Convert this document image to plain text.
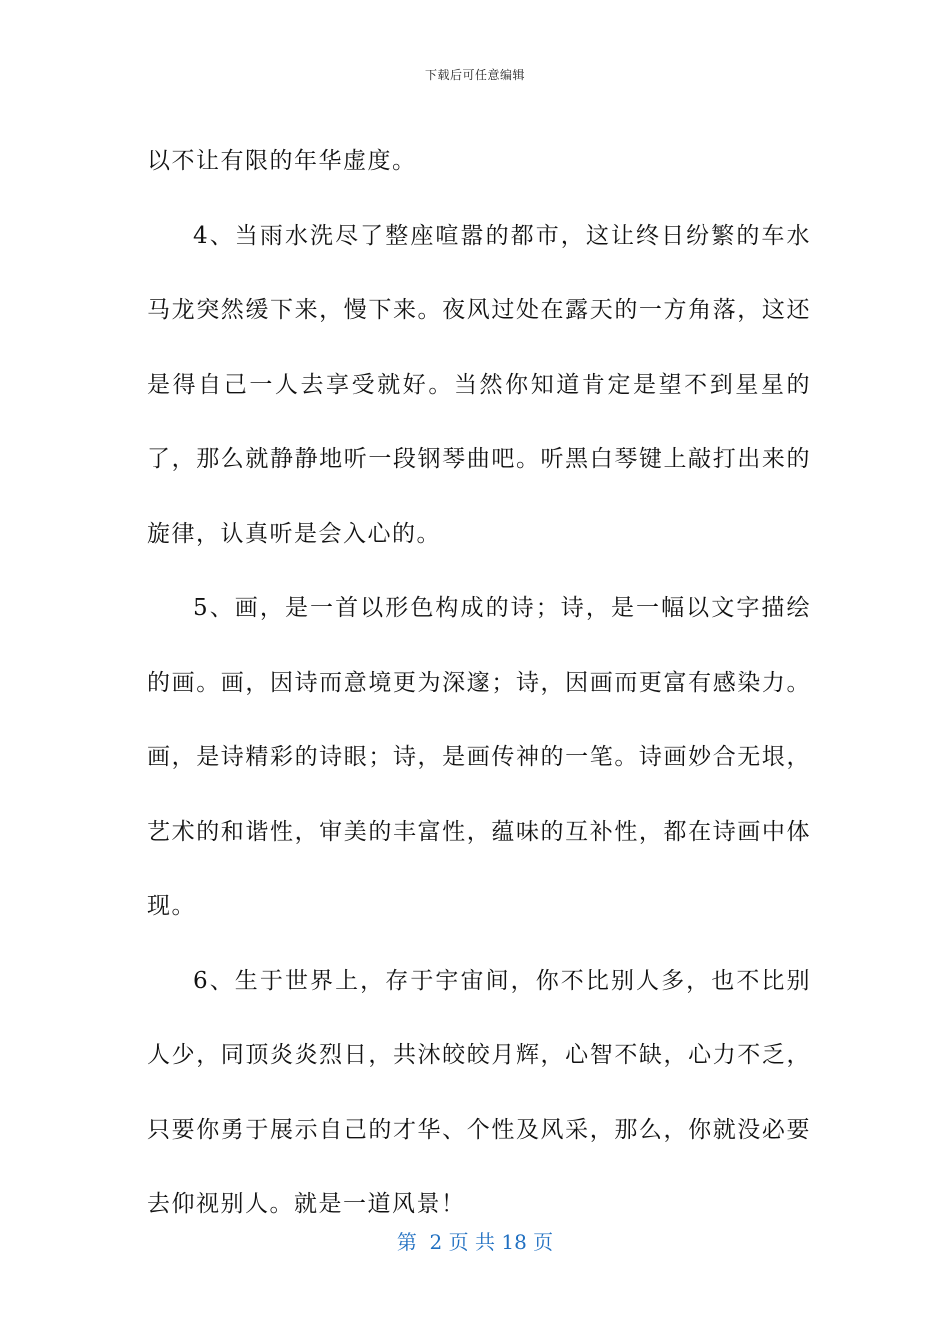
下载后可任意编辑

以不让有限的年华虚度。

4、当雨水洗尽了整座喧嚣的都市，这让终日纷繁的车水马龙突然缓下来，慢下来。夜风过处在露天的一方角落，这还是得自己一人去享受就好。当然你知道肯定是望不到星星的了，那么就静静地听一段钢琴曲吧。听黑白琴键上敲打出来的旋律，认真听是会入心的。

5、画，是一首以形色构成的诗；诗，是一幅以文字描绘的画。画，因诗而意境更为深邃；诗，因画而更富有感染力。画，是诗精彩的诗眼；诗，是画传神的一笔。诗画妙合无垠，艺术的和谐性，审美的丰富性，蕴味的互补性，都在诗画中体现。

6、生于世界上，存于宇宙间，你不比别人多，也不比别人少，同顶炎炎烈日，共沐皎皎月辉，心智不缺，心力不乏，只要你勇于展示自己的才华、个性及风采，那么，你就没必要去仰视别人。就是一道风景！

第  2 页 共 18 页
